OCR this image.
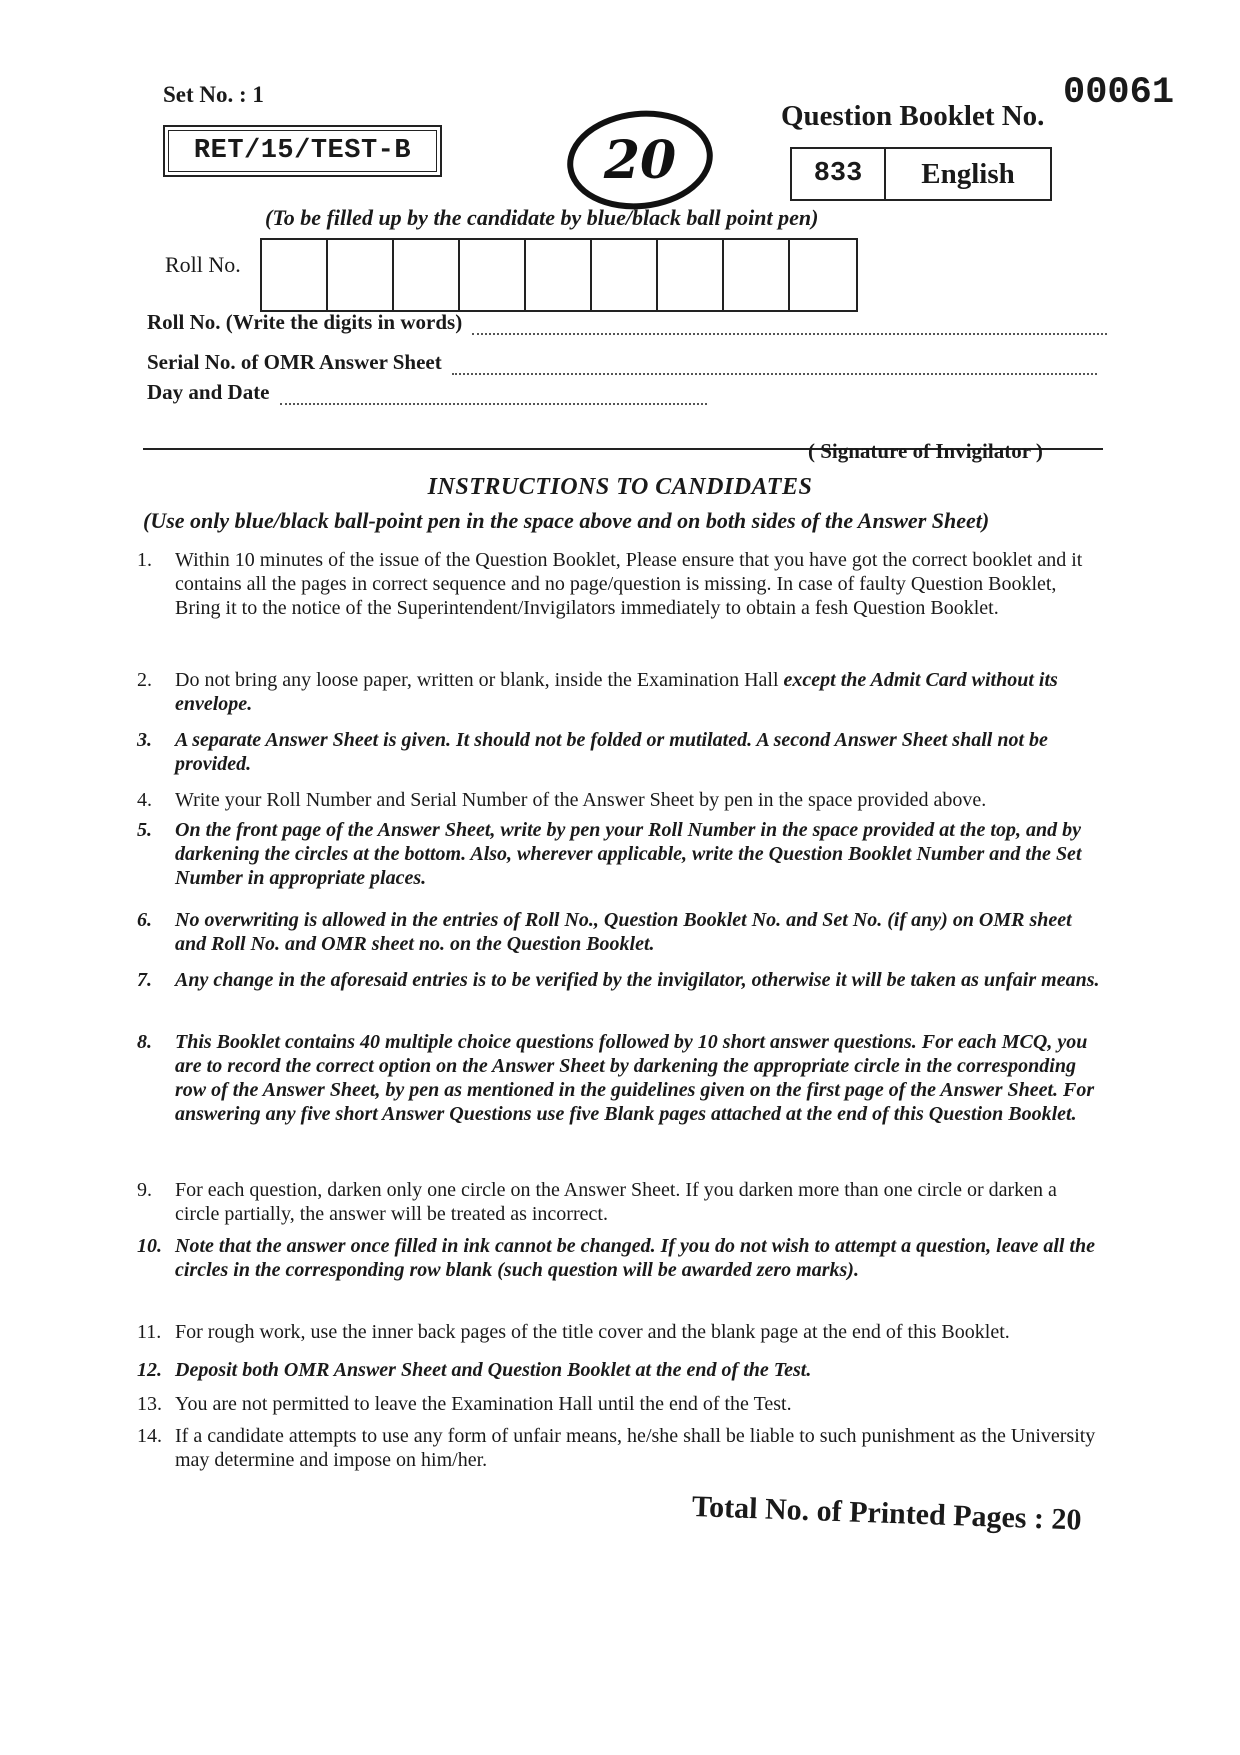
Set No. : 1
RET/15/TEST-B
00061
Question Booklet No.
833	English
20
(To be filled up by the candidate by blue/black ball point pen)
Roll No.
Roll No. (Write the digits in words)
Serial No. of OMR Answer Sheet
Day and Date
( Signature of Invigilator )
INSTRUCTIONS TO CANDIDATES
(Use only blue/black ball-point pen in the space above and on both sides of the Answer Sheet)
1.	Within 10 minutes of the issue of the Question Booklet, Please ensure that you have got the correct booklet and it contains all the pages in correct sequence and no page/question is missing. In case of faulty Question Booklet, Bring it to the notice of the Superintendent/Invigilators immediately to obtain a fesh Question Booklet.
2.	Do not bring any loose paper, written or blank, inside the Examination Hall except the Admit Card without its envelope.
3.	A separate Answer Sheet is given. It should not be folded or mutilated. A second Answer Sheet shall not be provided.
4.	Write your Roll Number and Serial Number of the Answer Sheet by pen in the space provided above.
5.	On the front page of the Answer Sheet, write by pen your Roll Number in the space provided at the top, and by darkening the circles at the bottom. Also, wherever applicable, write the Question Booklet Number and the Set Number in appropriate places.
6.	No overwriting is allowed in the entries of Roll No., Question Booklet No. and Set No. (if any) on OMR sheet and Roll No. and OMR sheet no. on the Question Booklet.
7.	Any change in the aforesaid entries is to be verified by the invigilator, otherwise it will be taken as unfair means.
8.	This Booklet contains 40 multiple choice questions followed by 10 short answer questions. For each MCQ, you are to record the correct option on the Answer Sheet by darkening the appropriate circle in the corresponding row of the Answer Sheet, by pen as mentioned in the guidelines given on the first page of the Answer Sheet. For answering any five short Answer Questions use five Blank pages attached at the end of this Question Booklet.
9.	For each question, darken only one circle on the Answer Sheet. If you darken more than one circle or darken a circle partially, the answer will be treated as incorrect.
10. Note that the answer once filled in ink cannot be changed. If you do not wish to attempt a question, leave all the circles in the corresponding row blank (such question will be awarded zero marks).
11. For rough work, use the inner back pages of the title cover and the blank page at the end of this Booklet.
12. Deposit both OMR Answer Sheet and Question Booklet at the end of the Test.
13. You are not permitted to leave the Examination Hall until the end of the Test.
14. If a candidate attempts to use any form of unfair means, he/she shall be liable to such punishment as the University may determine and impose on him/her.
Total No. of Printed Pages : 20
